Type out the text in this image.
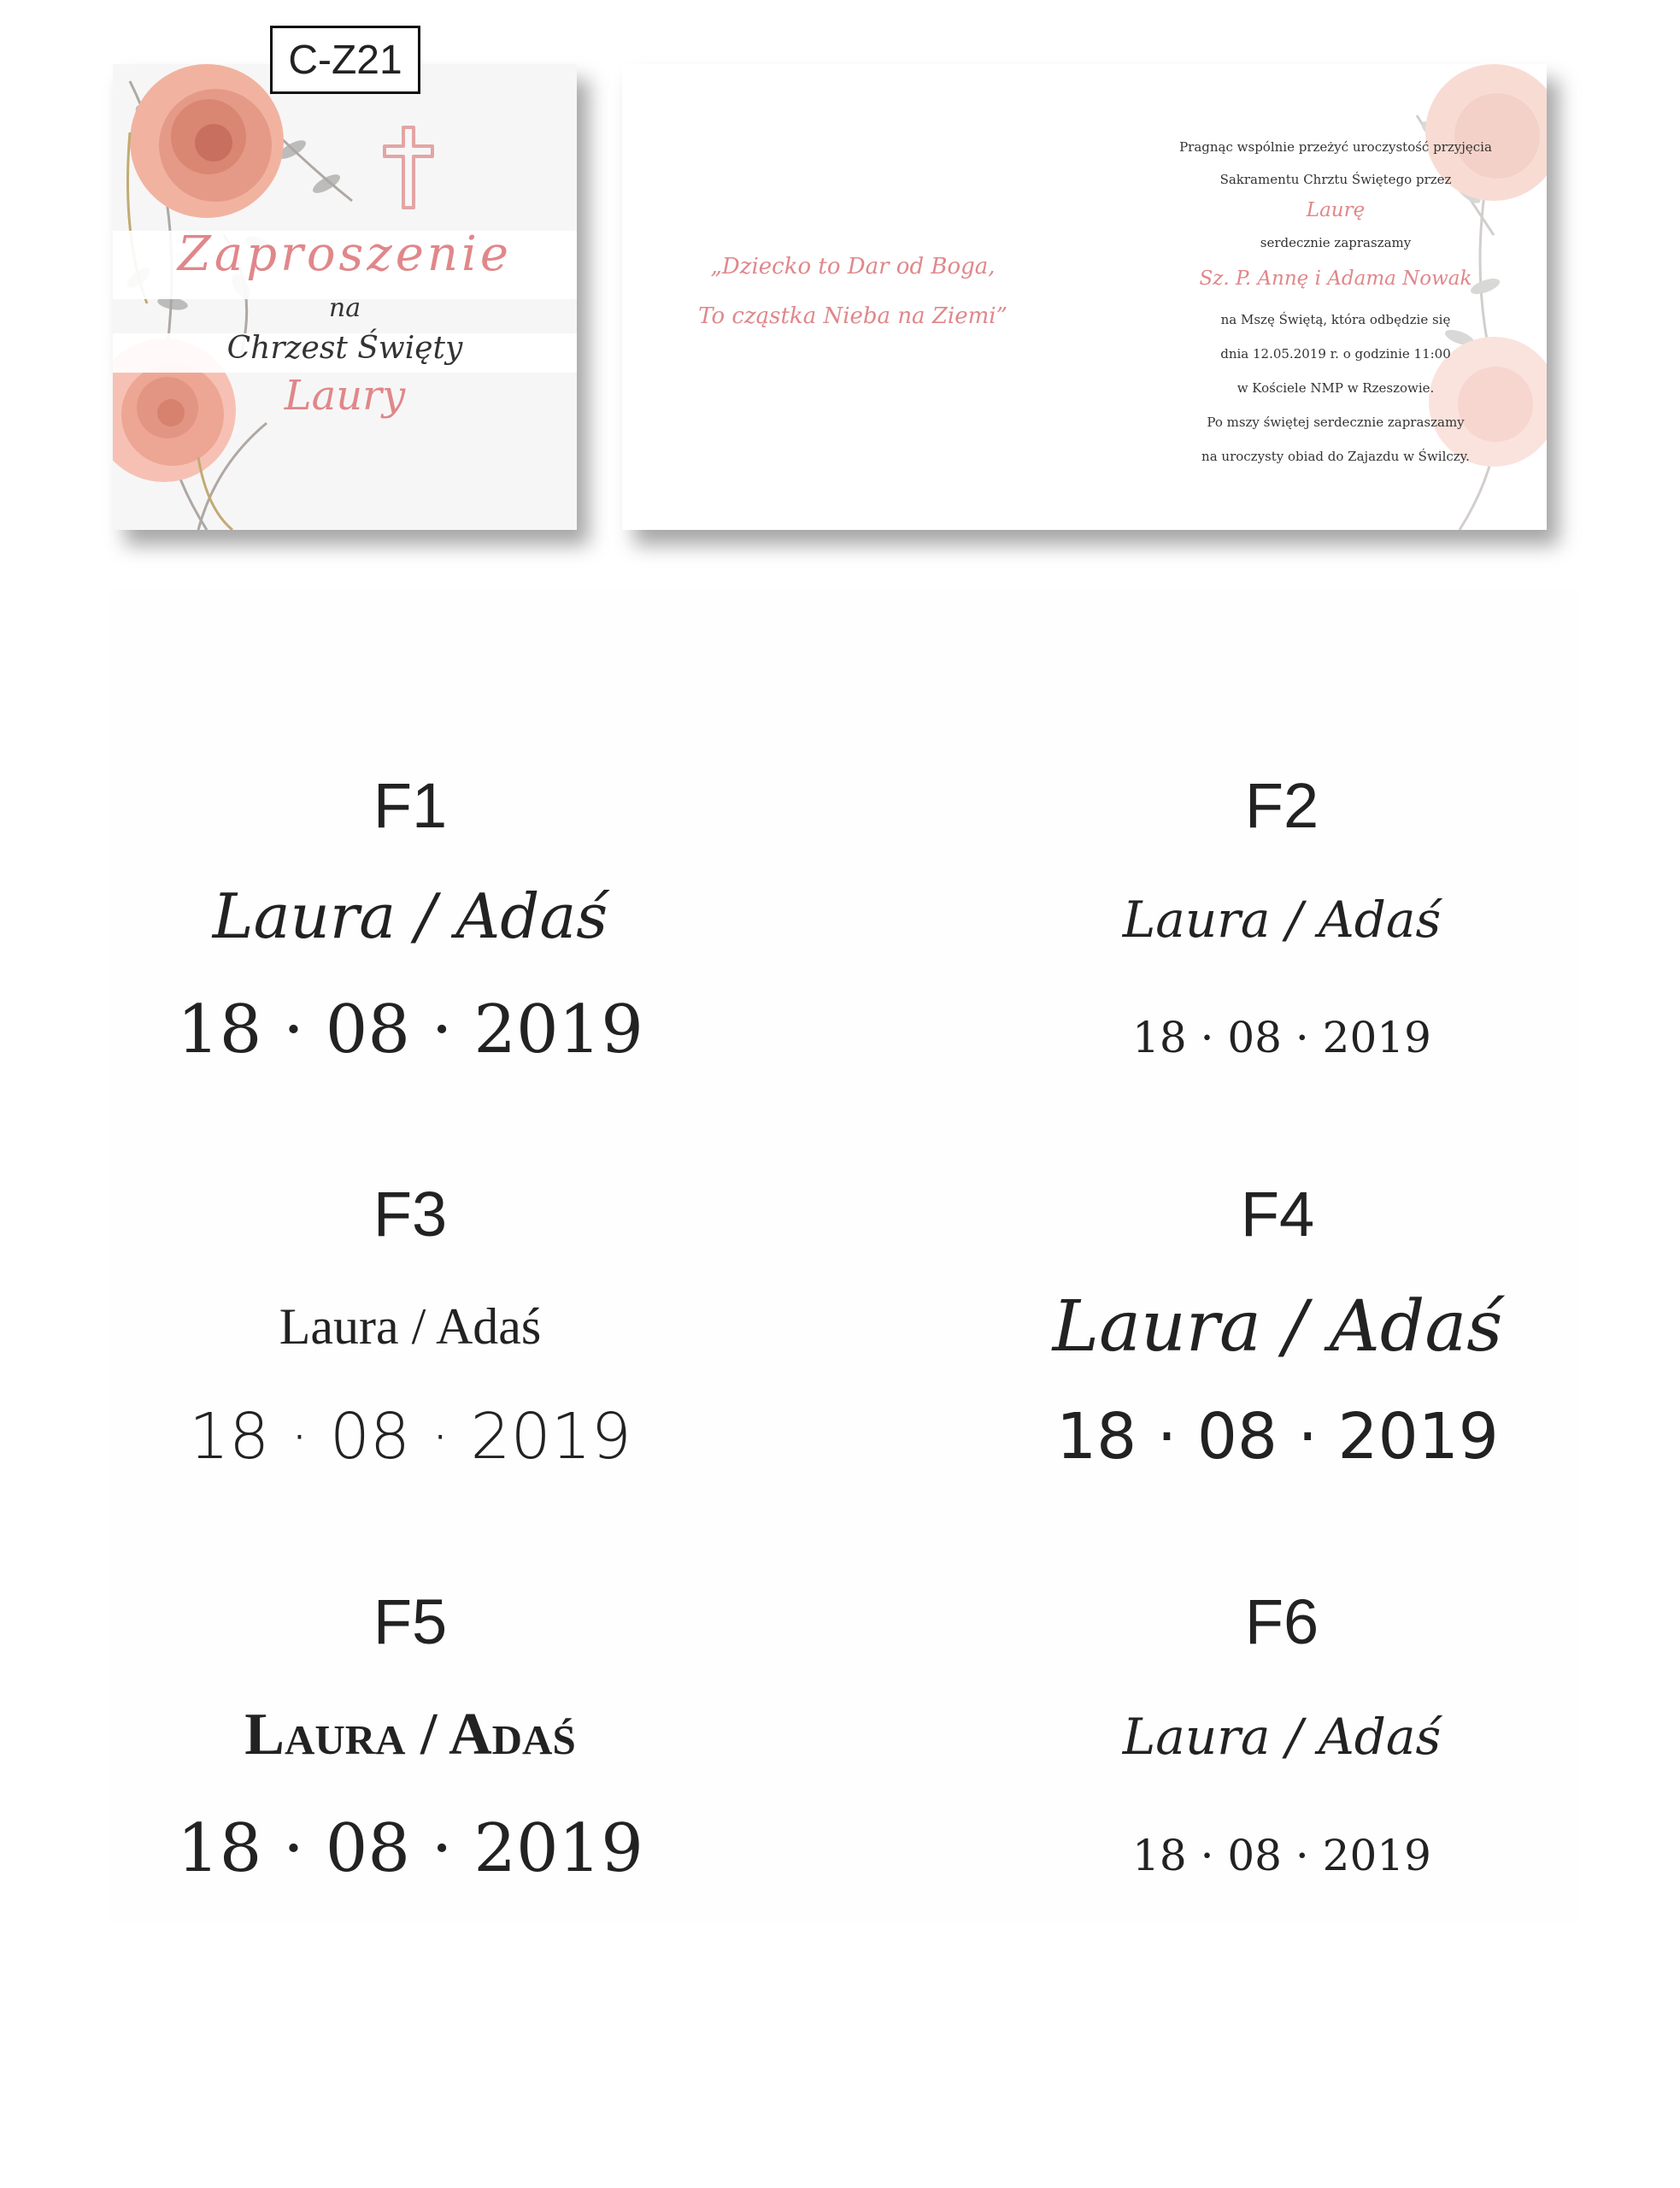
C-Z21
Zaproszenie
na
Chrzest Święty
Laury
„Dziecko to Dar od Boga,
To cząstka Nieba na Ziemi”
Pragnąc wspólnie przeżyć uroczystość przyjęcia
Sakramentu Chrztu Świętego przez
Laurę
serdecznie zapraszamy
Sz. P. Annę i Adama Nowak
na Mszę Świętą, która odbędzie się
dnia 12.05.2019 r. o godzinie 11:00
w Kościele NMP w Rzeszowie.
Po mszy świętej serdecznie zapraszamy
na uroczysty obiad do Zajazdu w Świlczy.
F1
Laura / Adaś
18 · 08 · 2019
F2
Laura / Adaś
18 · 08 · 2019
F3
Laura / Adaś
18 · 08 · 2019
F4
Laura / Adaś
18 · 08 · 2019
F5
Laura / Adaś
18 · 08 · 2019
F6
Laura / Adaś
18 · 08 · 2019
